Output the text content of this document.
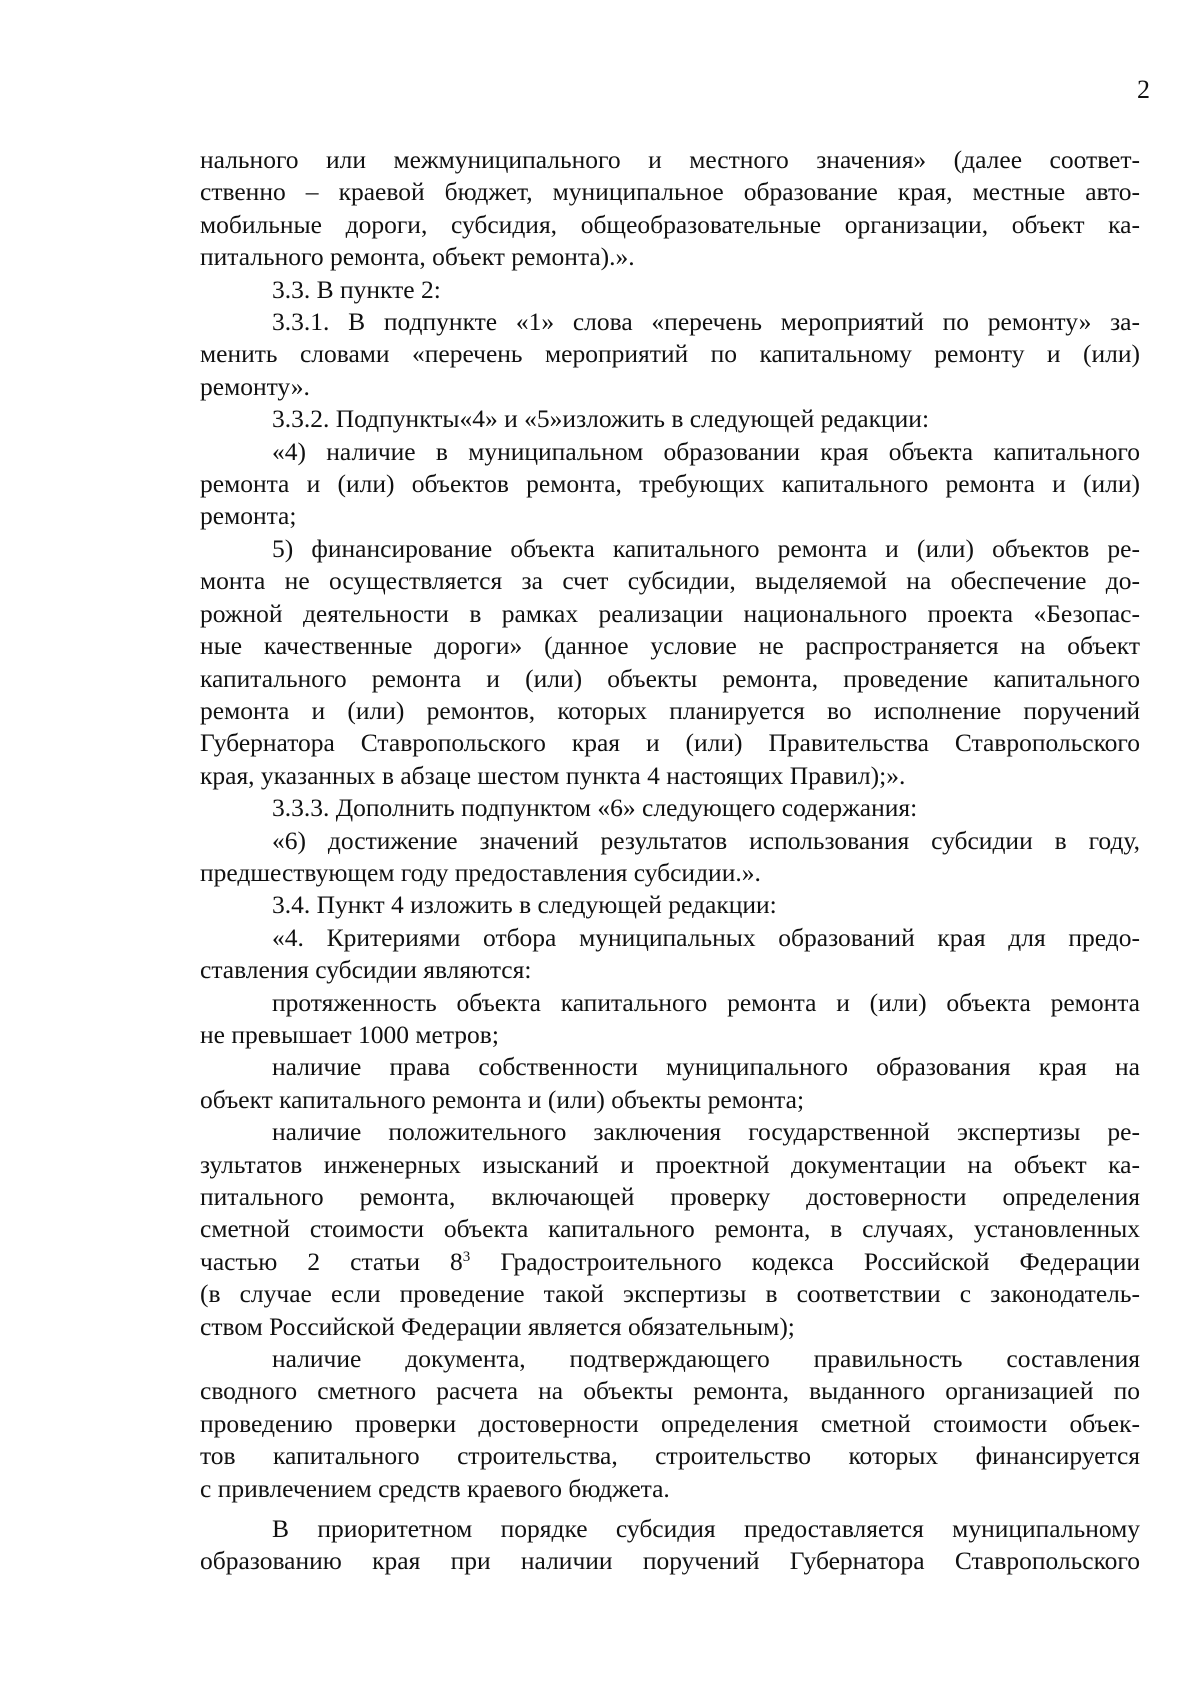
2

нального или межмуниципального и местного значения» (далее соответ-
ственно – краевой бюджет, муниципальное образование края, местные авто-
мобильные дороги, субсидия, общеобразовательные организации, объект ка-
питального ремонта, объект ремонта).».

3.3. В пункте 2:

3.3.1. В подпункте «1» слова «перечень мероприятий по ремонту» за-
менить словами «перечень мероприятий по капитальному ремонту и (или)
ремонту».

3.3.2. Подпункты«4» и «5»изложить в следующей редакции:

«4) наличие в муниципальном образовании края объекта капитального
ремонта и (или) объектов ремонта, требующих капитального ремонта и (или)
ремонта;

5) финансирование объекта капитального ремонта и (или) объектов ре-
монта не осуществляется за счет субсидии, выделяемой на обеспечение до-
рожной деятельности в рамках реализации национального проекта «Безопас-
ные качественные дороги» (данное условие не распространяется на объект
капитального ремонта и (или) объекты ремонта, проведение капитального
ремонта и (или) ремонтов, которых планируется во исполнение поручений
Губернатора Ставропольского края и (или) Правительства Ставропольского
края, указанных в абзаце шестом пункта 4 настоящих Правил);».

3.3.3. Дополнить подпунктом «6» следующего содержания:

«6) достижение значений результатов использования субсидии в году,
предшествующем году предоставления субсидии.».

3.4. Пункт 4 изложить в следующей редакции:

«4. Критериями отбора муниципальных образований края для предо-
ставления субсидии являются:

протяженность объекта капитального ремонта и (или) объекта ремонта
не превышает 1000 метров;

наличие права собственности муниципального образования края на
объект капитального ремонта и (или) объекты ремонта;

наличие положительного заключения государственной экспертизы ре-
зультатов инженерных изысканий и проектной документации на объект ка-
питального ремонта, включающей проверку достоверности определения
сметной стоимости объекта капитального ремонта, в случаях, установленных
частью 2 статьи $8^3$ Градостроительного кодекса Российской Федерации
(в случае если проведение такой экспертизы в соответствии с законодатель-
ством Российской Федерации является обязательным);

наличие документа, подтверждающего правильность составления
сводного сметного расчета на объекты ремонта, выданного организацией по
проведению проверки достоверности определения сметной стоимости объек-
тов капитального строительства, строительство которых финансируется
с привлечением средств краевого бюджета.

В приоритетном порядке субсидия предоставляется муниципальному
образованию края при наличии поручений Губернатора Ставропольского
